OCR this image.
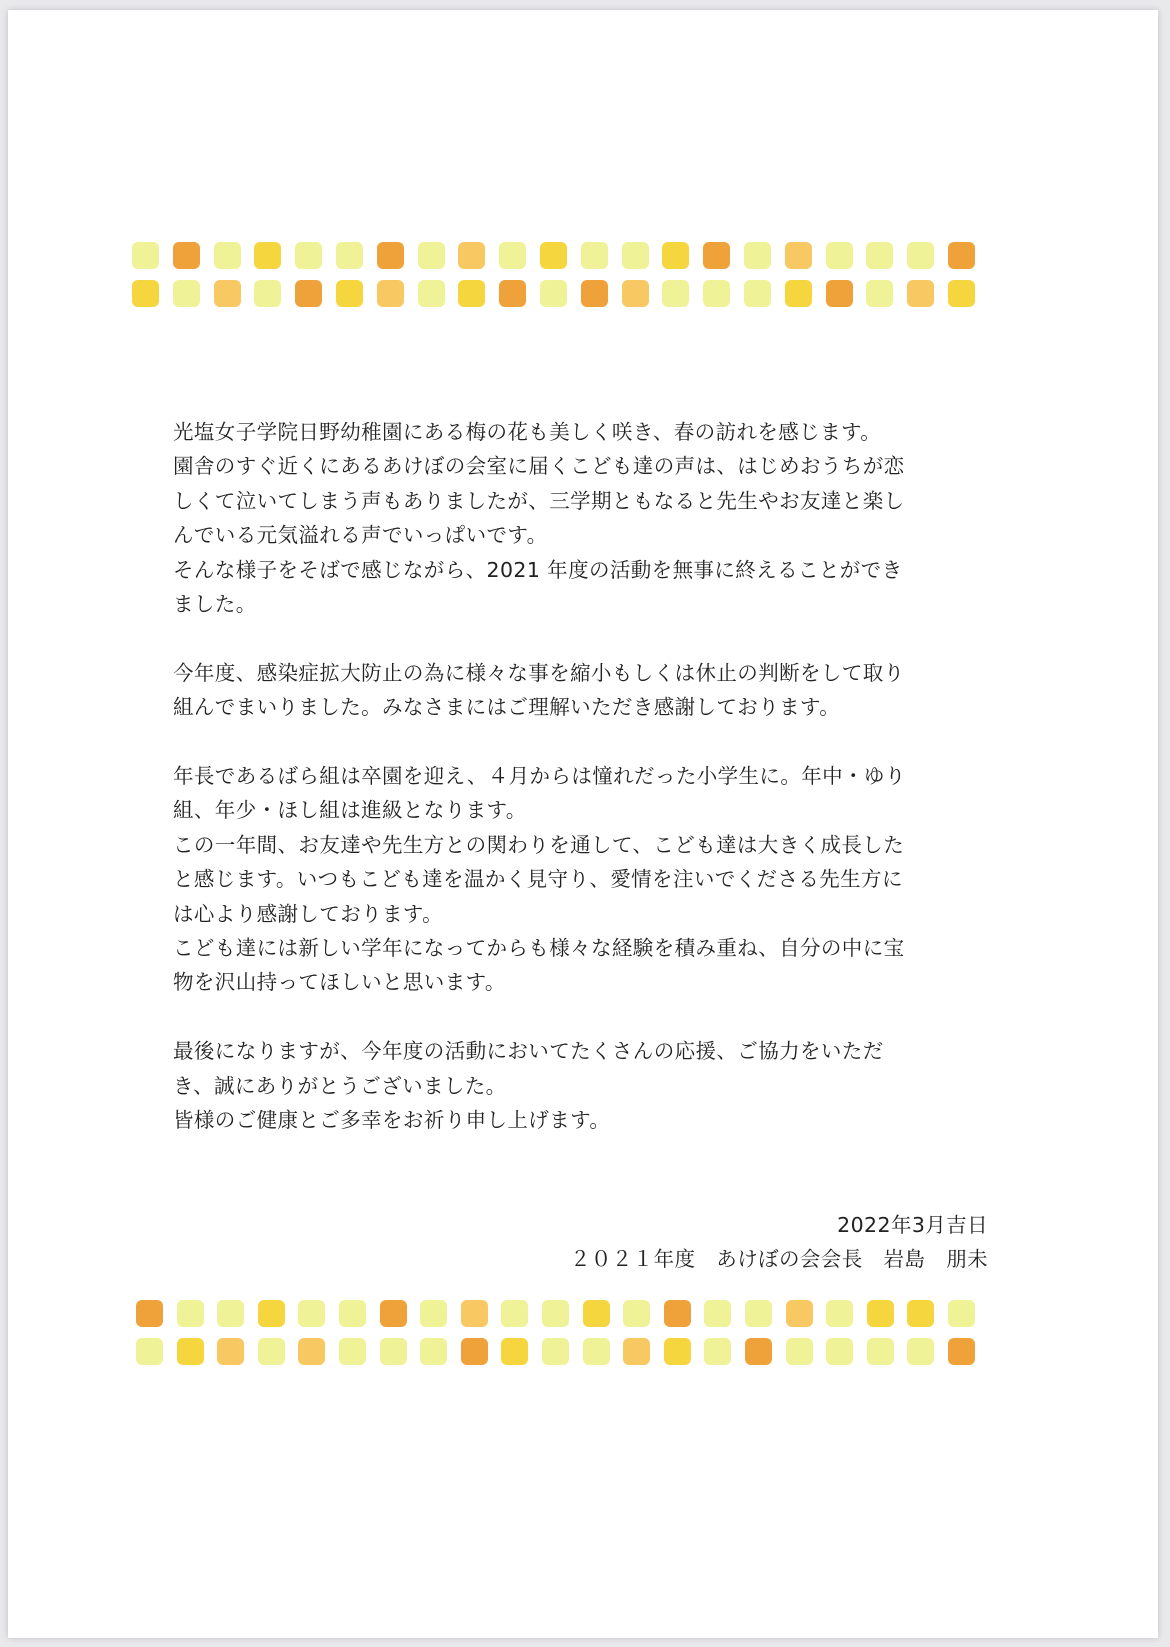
光塩女子学院日野幼稚園にある梅の花も美しく咲き、春の訪れを感じます。
園舎のすぐ近くにあるあけぼの会室に届くこども達の声は、はじめおうちが恋
しくて泣いてしまう声もありましたが、三学期ともなると先生やお友達と楽し
んでいる元気溢れる声でいっぱいです。
そんな様子をそばで感じながら、2021 年度の活動を無事に終えることができ
ました。

今年度、感染症拡大防止の為に様々な事を縮小もしくは休止の判断をして取り
組んでまいりました。みなさまにはご理解いただき感謝しております。

年長であるばら組は卒園を迎え、４月からは憧れだった小学生に。年中・ゆり
組、年少・ほし組は進級となります。
この一年間、お友達や先生方との関わりを通して、こども達は大きく成長した
と感じます。いつもこども達を温かく見守り、愛情を注いでくださる先生方に
は心より感謝しております。
こども達には新しい学年になってからも様々な経験を積み重ね、自分の中に宝
物を沢山持ってほしいと思います。

最後になりますが、今年度の活動においてたくさんの応援、ご協力をいただ
き、誠にありがとうございました。
皆様のご健康とご多幸をお祈り申し上げます。

2022年3月吉日
２０２１年度　あけぼの会会長　岩島　朋未
